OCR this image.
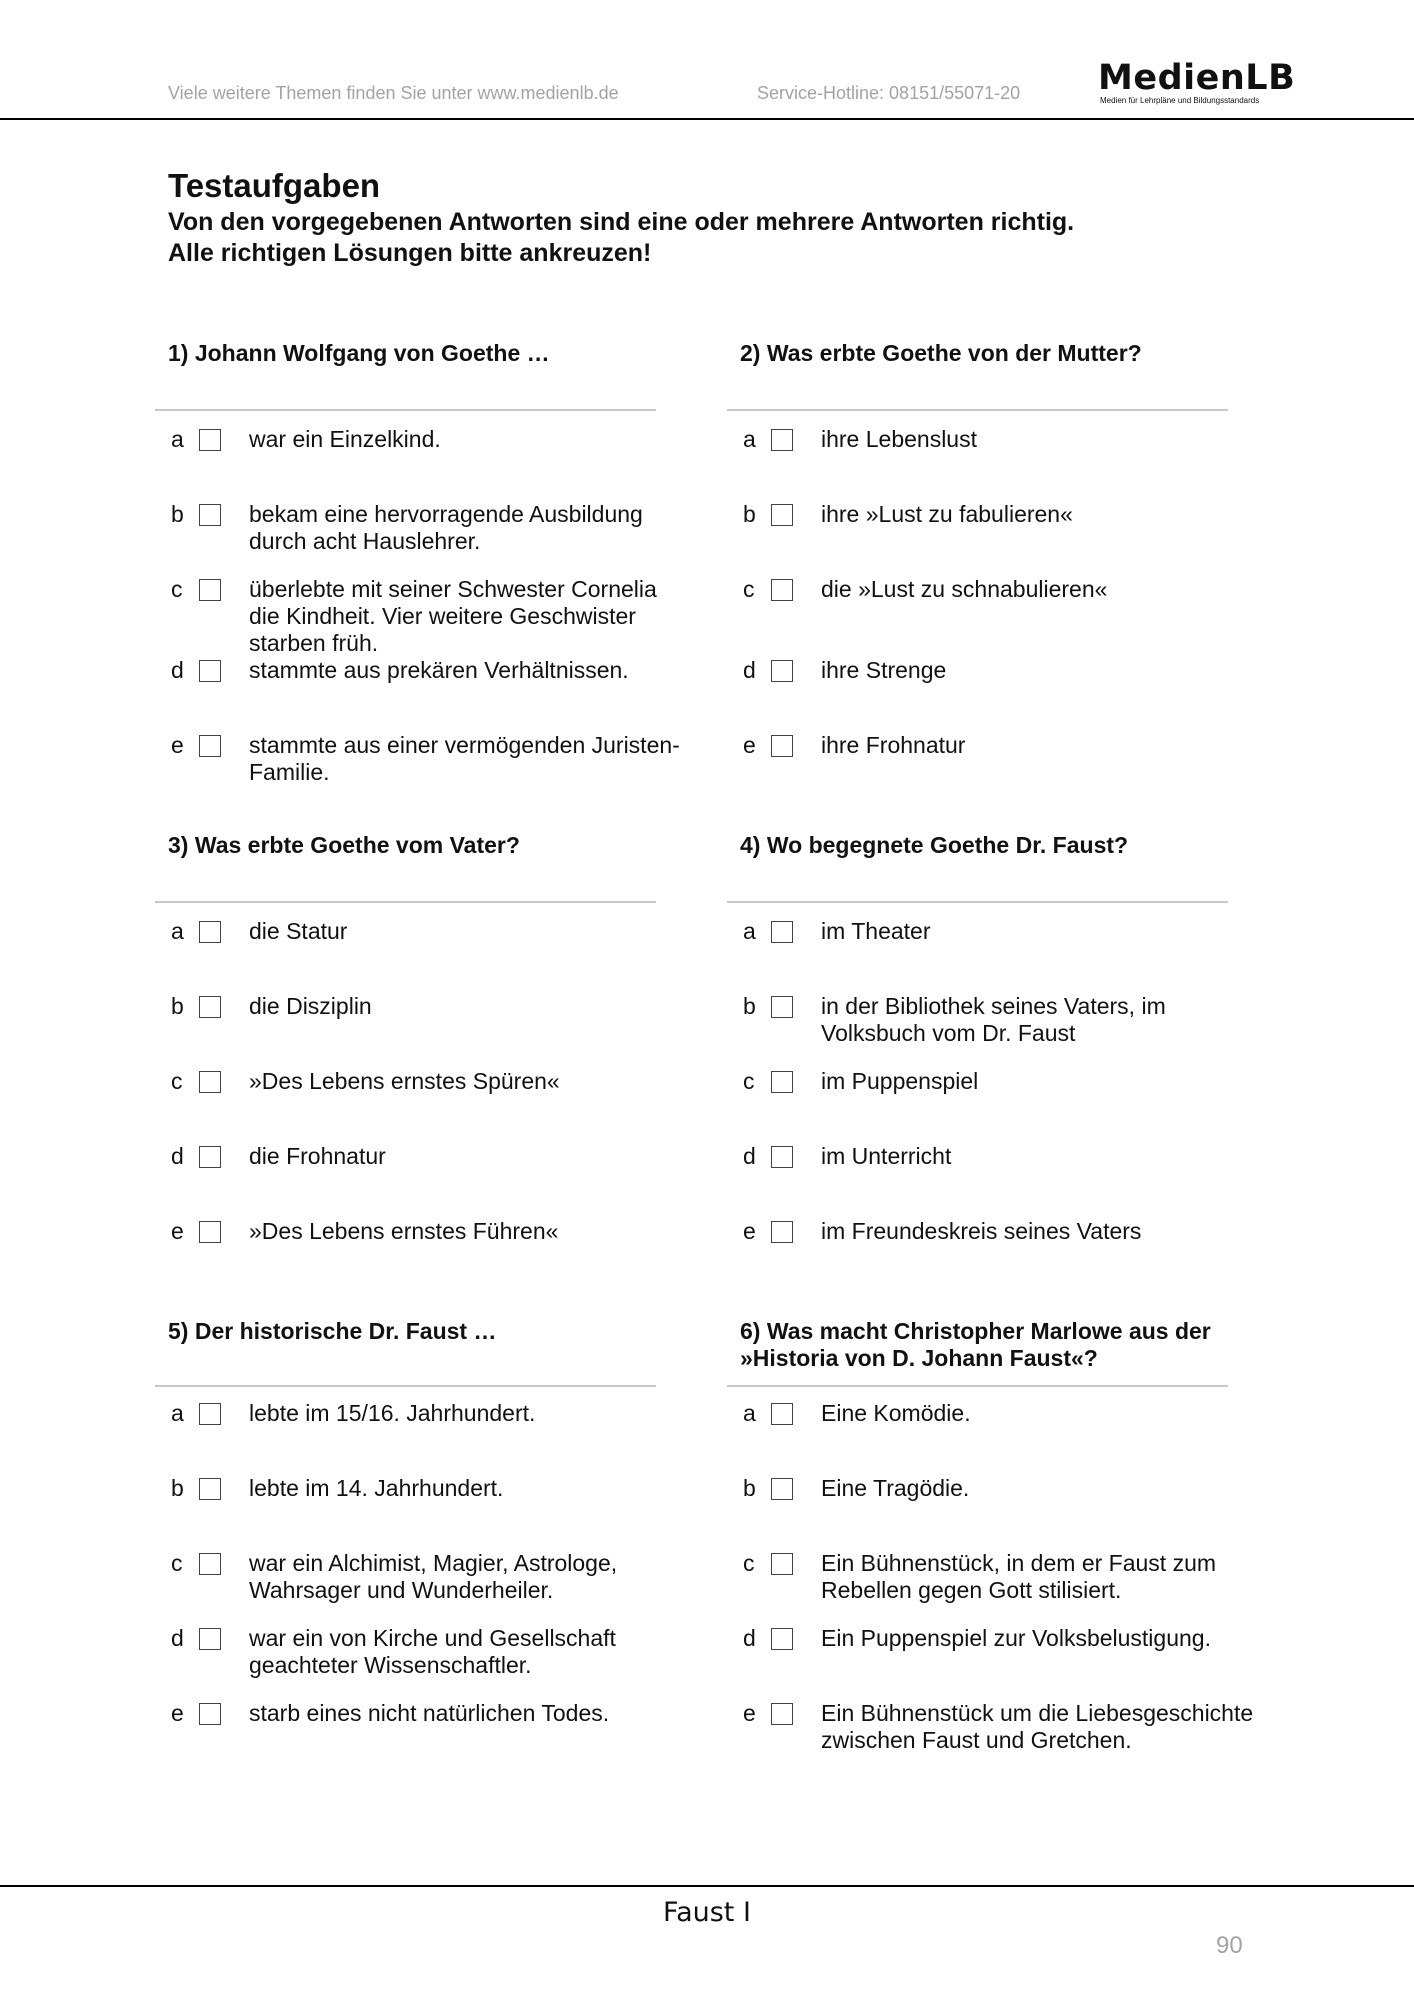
Viele weitere Themen finden Sie unter www.medienlb.de	Service-Hotline: 08151/55071-20 MedienLB
Medien für Lehrpläne und Bildungsstandards
Testaufgaben
Von den vorgegebenen Antworten sind eine oder mehrere Antworten richtig.
Alle richtigen Lösungen bitte ankreuzen!
1) Johann Wolfgang von Goethe …
a	war ein Einzelkind.
b	bekam eine hervorragende Ausbildung durch acht Hauslehrer.
c	überlebte mit seiner Schwester Cornelia die Kindheit. Vier weitere Geschwister starben früh.
d	stammte aus prekären Verhältnissen.
e	stammte aus einer vermögenden Juristen-Familie.
2) Was erbte Goethe von der Mutter?
a	ihre Lebenslust
b	ihre »Lust zu fabulieren«
c	die »Lust zu schnabulieren«
d	ihre Strenge
e	ihre Frohnatur
3) Was erbte Goethe vom Vater?
a	die Statur
b	die Disziplin
c	»Des Lebens ernstes Spüren«
d	die Frohnatur
e	»Des Lebens ernstes Führen«
4) Wo begegnete Goethe Dr. Faust?
a	im Theater
b	in der Bibliothek seines Vaters, im Volksbuch vom Dr. Faust
c	im Puppenspiel
d	im Unterricht
e	im Freundeskreis seines Vaters
5) Der historische Dr. Faust …
a	lebte im 15/16. Jahrhundert.
b	lebte im 14. Jahrhundert.
c	war ein Alchimist, Magier, Astrologe, Wahrsager und Wunderheiler.
d	war ein von Kirche und Gesellschaft geachteter Wissenschaftler.
e	starb eines nicht natürlichen Todes.
6) Was macht Christopher Marlowe aus der »Historia von D. Johann Faust«?
a	Eine Komödie.
b	Eine Tragödie.
c	Ein Bühnenstück, in dem er Faust zum Rebellen gegen Gott stilisiert.
d	Ein Puppenspiel zur Volksbelustigung.
e	Ein Bühnenstück um die Liebesgeschichte zwischen Faust und Gretchen.
Faust I
90
